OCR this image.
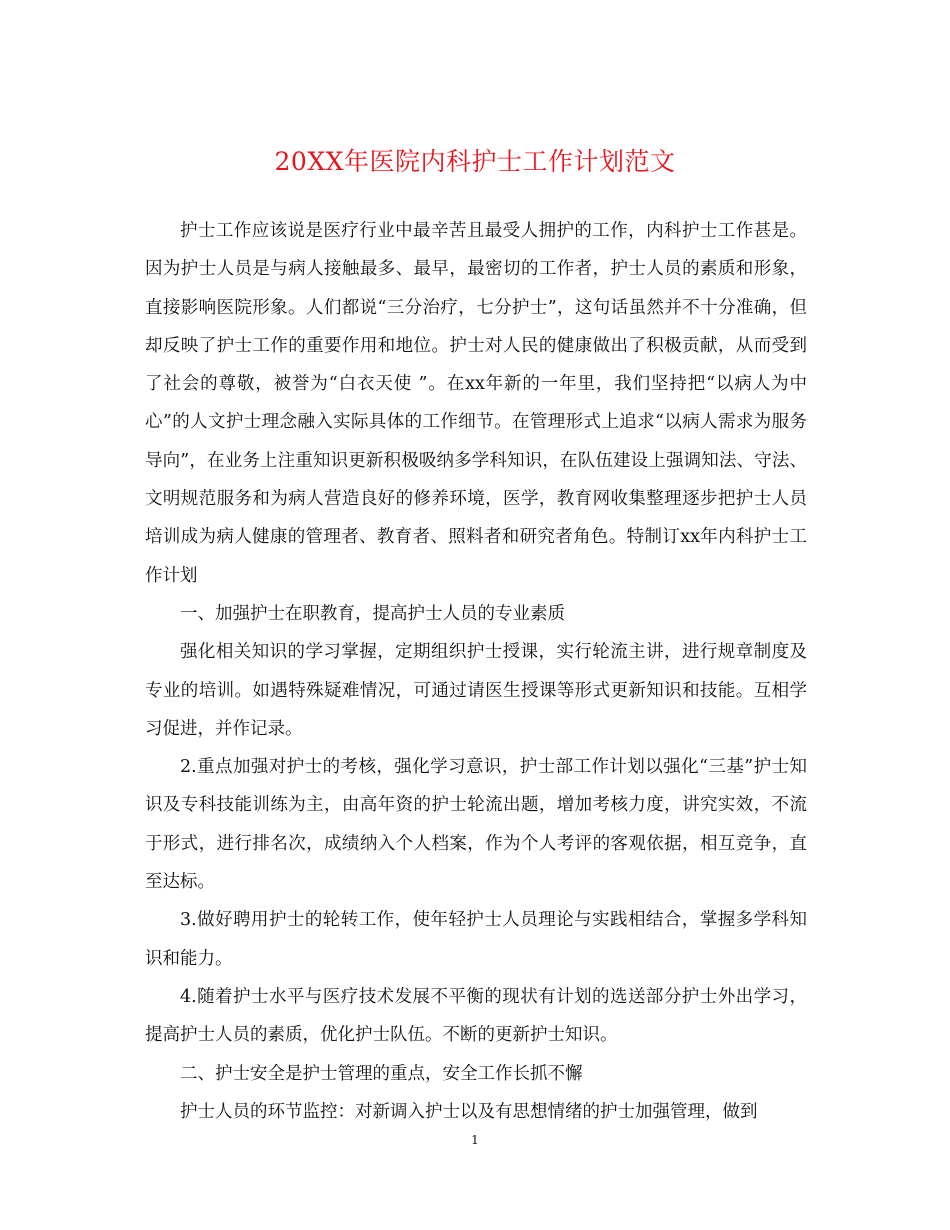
20XX年医院内科护士工作计划范文

护士工作应该说是医疗行业中最辛苦且最受人拥护的工作，内科护士工作甚是。因为护士人员是与病人接触最多、最早，最密切的工作者，护士人员的素质和形象，直接影响医院形象。人们都说“三分治疗，七分护士”，这句话虽然并不十分准确，但却反映了护士工作的重要作用和地位。护士对人民的健康做出了积极贡献，从而受到了社会的尊敬，被誉为“白衣天使 ”。在xx年新的一年里，我们坚持把“以病人为中心”的人文护士理念融入实际具体的工作细节。在管理形式上追求“以病人需求为服务导向”，在业务上注重知识更新积极吸纳多学科知识，在队伍建设上强调知法、守法、文明规范服务和为病人营造良好的修养环境，医学，教育网收集整理逐步把护士人员培训成为病人健康的管理者、教育者、照料者和研究者角色。特制订xx年内科护士工作计划

一、加强护士在职教育，提高护士人员的专业素质

强化相关知识的学习掌握，定期组织护士授课，实行轮流主讲，进行规章制度及专业的培训。如遇特殊疑难情况，可通过请医生授课等形式更新知识和技能。互相学习促进，并作记录。

2.重点加强对护士的考核，强化学习意识，护士部工作计划以强化“三基”护士知识及专科技能训练为主，由高年资的护士轮流出题，增加考核力度，讲究实效，不流于形式，进行排名次，成绩纳入个人档案，作为个人考评的客观依据，相互竞争，直至达标。

3.做好聘用护士的轮转工作，使年轻护士人员理论与实践相结合，掌握多学科知识和能力。

4.随着护士水平与医疗技术发展不平衡的现状有计划的选送部分护士外出学习，提高护士人员的素质，优化护士队伍。不断的更新护士知识。

二、护士安全是护士管理的重点，安全工作长抓不懈

护士人员的环节监控：对新调入护士以及有思想情绪的护士加强管理，做到

1
